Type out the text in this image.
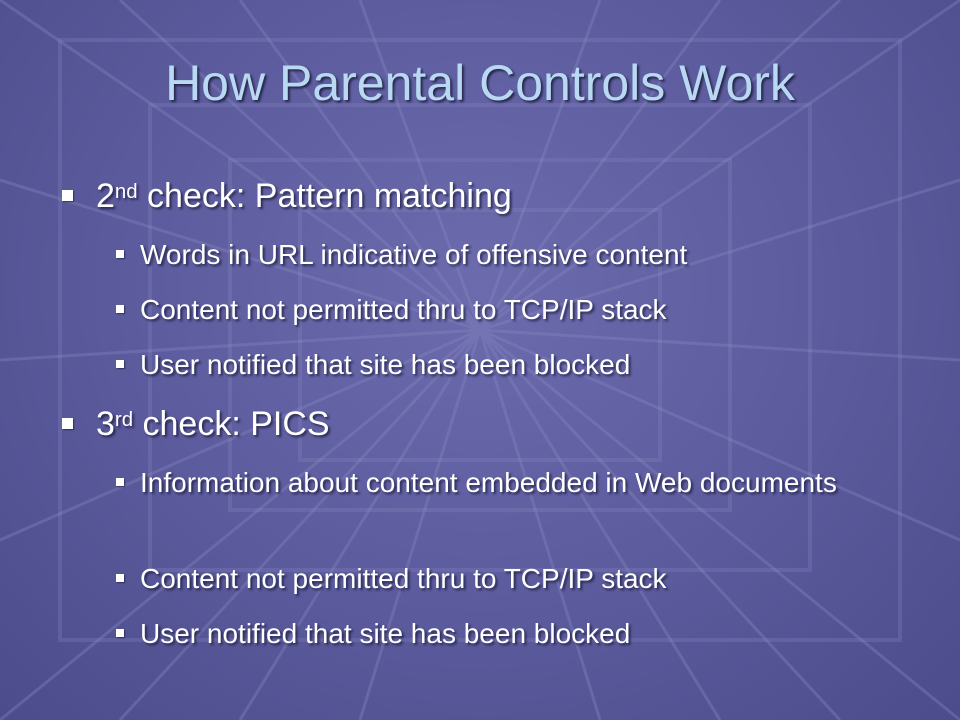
How Parental Controls Work
2nd check: Pattern matching
Words in URL indicative of offensive content
Content not permitted thru to TCP/IP stack
User notified that site has been blocked
3rd check: PICS
Information about content embedded in Web documents
Content not permitted thru to TCP/IP stack
User notified that site has been blocked
